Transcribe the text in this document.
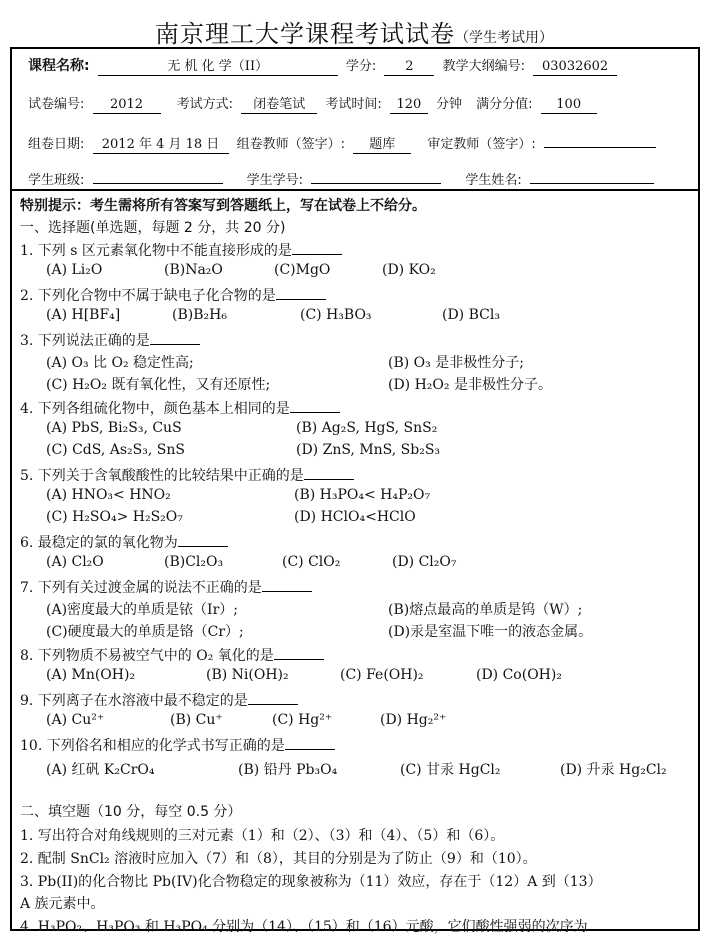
南京理工大学课程考试试卷（学生考试用）
课程名称:	无 机 化 学（II）	学分: 2 教学大纲编号: 03032602
试卷编号: 2012	考试方式: 闭卷笔试 考试时间: 120 分钟 满分分值: 100
组卷日期: 2012 年 4 月 18 日 组卷教师（签字）: 题库 审定教师（签字）:
学生班级:	学生学号:	学生姓名:
特别提示：考生需将所有答案写到答题纸上，写在试卷上不给分。
一、选择题(单选题，每题 2 分，共 20 分)
1. 下列 s 区元素氧化物中不能直接形成的是
(A) Li₂O	(B)Na₂O	(C)MgO	(D) KO₂
2. 下列化合物中不属于缺电子化合物的是
(A) H[BF₄]	(B)B₂H₆	(C) H₃BO₃	(D) BCl₃
3. 下列说法正确的是
(A) O₃ 比 O₂ 稳定性高;	(B) O₃ 是非极性分子;
(C) H₂O₂ 既有氧化性，又有还原性;	(D) H₂O₂ 是非极性分子。
4. 下列各组硫化物中，颜色基本上相同的是
(A) PbS, Bi₂S₃, CuS	(B) Ag₂S, HgS, SnS₂
(C) CdS, As₂S₃, SnS	(D) ZnS, MnS, Sb₂S₃
5. 下列关于含氧酸酸性的比较结果中正确的是
(A) HNO₃< HNO₂	(B) H₃PO₄< H₄P₂O₇
(C) H₂SO₄> H₂S₂O₇	(D) HClO₄<HClO
6. 最稳定的氯的氧化物为
(A) Cl₂O	(B)Cl₂O₃	(C) ClO₂	(D) Cl₂O₇
7. 下列有关过渡金属的说法不正确的是
(A)密度最大的单质是铱（Ir）;	(B)熔点最高的单质是钨（W）;
(C)硬度最大的单质是铬（Cr）;	(D)汞是室温下唯一的液态金属。
8. 下列物质不易被空气中的 O₂ 氧化的是
(A) Mn(OH)₂	(B) Ni(OH)₂	(C) Fe(OH)₂	(D) Co(OH)₂
9. 下列离子在水溶液中最不稳定的是
(A) Cu²⁺	(B) Cu⁺	(C) Hg²⁺	(D) Hg₂²⁺
10. 下列俗名和相应的化学式书写正确的是
(A) 红矾 K₂CrO₄	(B) 铅丹 Pb₃O₄	(C) 甘汞 HgCl₂	(D) 升汞 Hg₂Cl₂
二、填空题（10 分，每空 0.5 分）
1. 写出符合对角线规则的三对元素（1）和（2）、（3）和（4）、（5）和（6）。
2. 配制 SnCl₂ 溶液时应加入（7）和（8），其目的分别是为了防止（9）和（10）。
3. Pb(II)的化合物比 Pb(IV)化合物稳定的现象被称为（11）效应，存在于（12）A 到（13）
A 族元素中。
4. H₃PO₂、H₃PO₃ 和 H₃PO₄ 分别为（14）、（15）和（16）元酸，它们酸性强弱的次序为
